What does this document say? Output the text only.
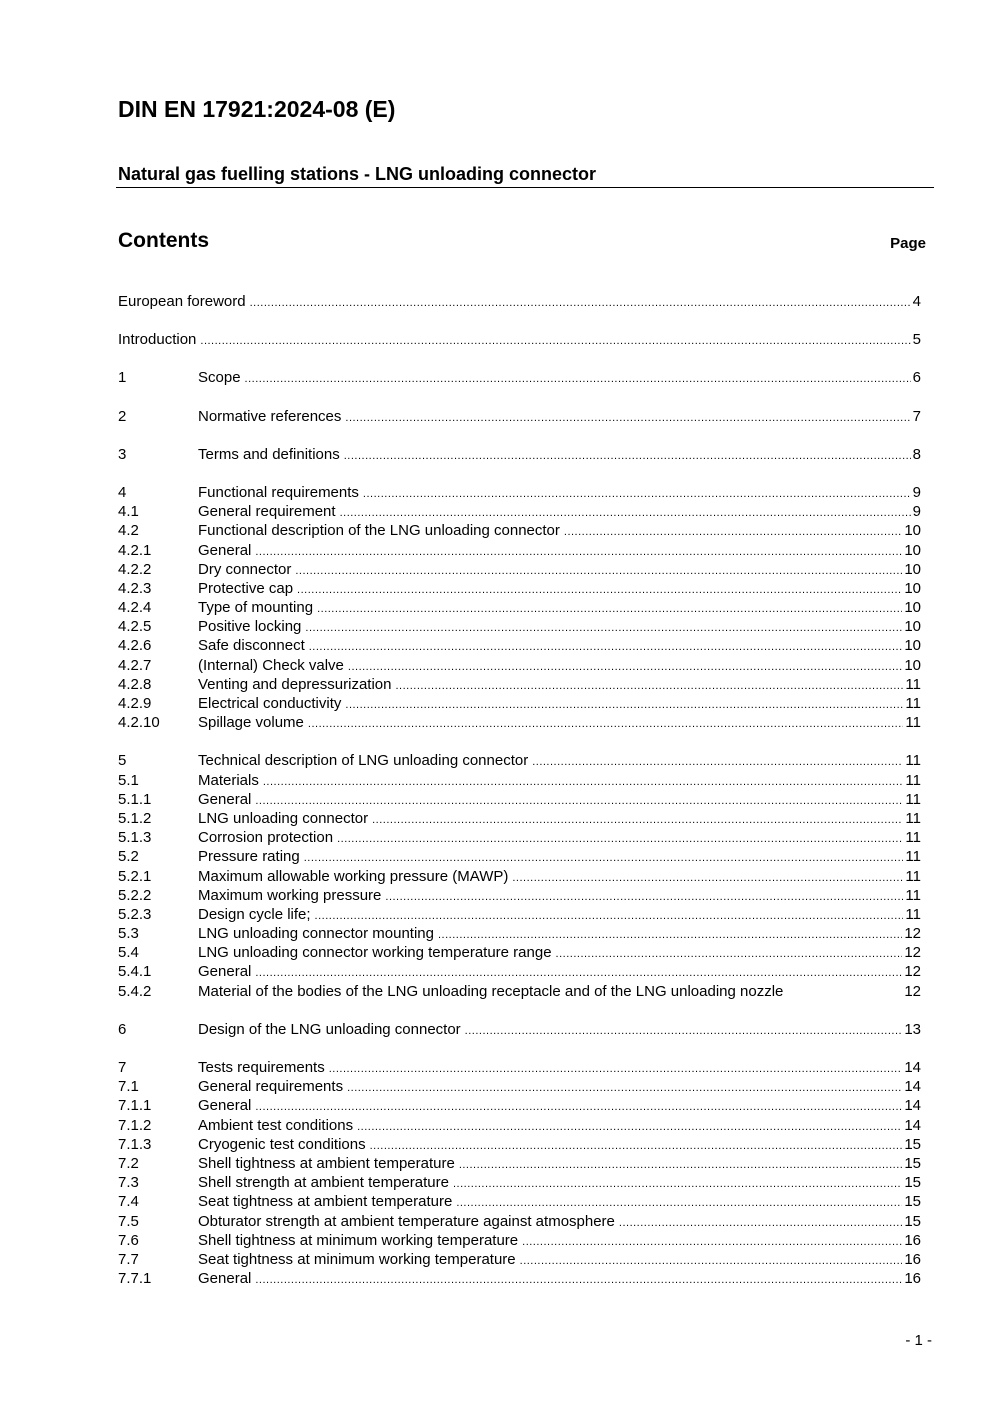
DIN EN 17921:2024-08 (E)
Natural gas fuelling stations - LNG unloading connector
Contents	Page
European foreword .....	4
Introduction .....	5
1	Scope .....	6
2	Normative references .....	7
3	Terms and definitions .....	8
4	Functional requirements .....	9
4.1	General requirement .....	9
4.2	Functional description of the LNG unloading connector .....	10
4.2.1	General .....	10
4.2.2	Dry connector .....	10
4.2.3	Protective cap .....	10
4.2.4	Type of mounting .....	10
4.2.5	Positive locking .....	10
4.2.6	Safe disconnect .....	10
4.2.7	(Internal) Check valve .....	10
4.2.8	Venting and depressurization .....	11
4.2.9	Electrical conductivity .....	11
4.2.10	Spillage volume .....	11
5	Technical description of LNG unloading connector .....	11
5.1	Materials .....	11
5.1.1	General .....	11
5.1.2	LNG unloading connector .....	11
5.1.3	Corrosion protection .....	11
5.2	Pressure rating .....	11
5.2.1	Maximum allowable working pressure (MAWP) .....	11
5.2.2	Maximum working pressure .....	11
5.2.3	Design cycle life; .....	11
5.3	LNG unloading connector mounting .....	12
5.4	LNG unloading connector working temperature range .....	12
5.4.1	General .....	12
5.4.2	Material of the bodies of the LNG unloading receptacle and of the LNG unloading nozzle	12
6	Design of the LNG unloading connector .....	13
7	Tests requirements .....	14
7.1	General requirements .....	14
7.1.1	General .....	14
7.1.2	Ambient test conditions .....	14
7.1.3	Cryogenic test conditions .....	15
7.2	Shell tightness at ambient temperature .....	15
7.3	Shell strength at ambient temperature .....	15
7.4	Seat tightness at ambient temperature .....	15
7.5	Obturator strength at ambient temperature against atmosphere .....	15
7.6	Shell tightness at minimum working temperature .....	16
7.7	Seat tightness at minimum working temperature .....	16
7.7.1	General .....	16
- 1 -
